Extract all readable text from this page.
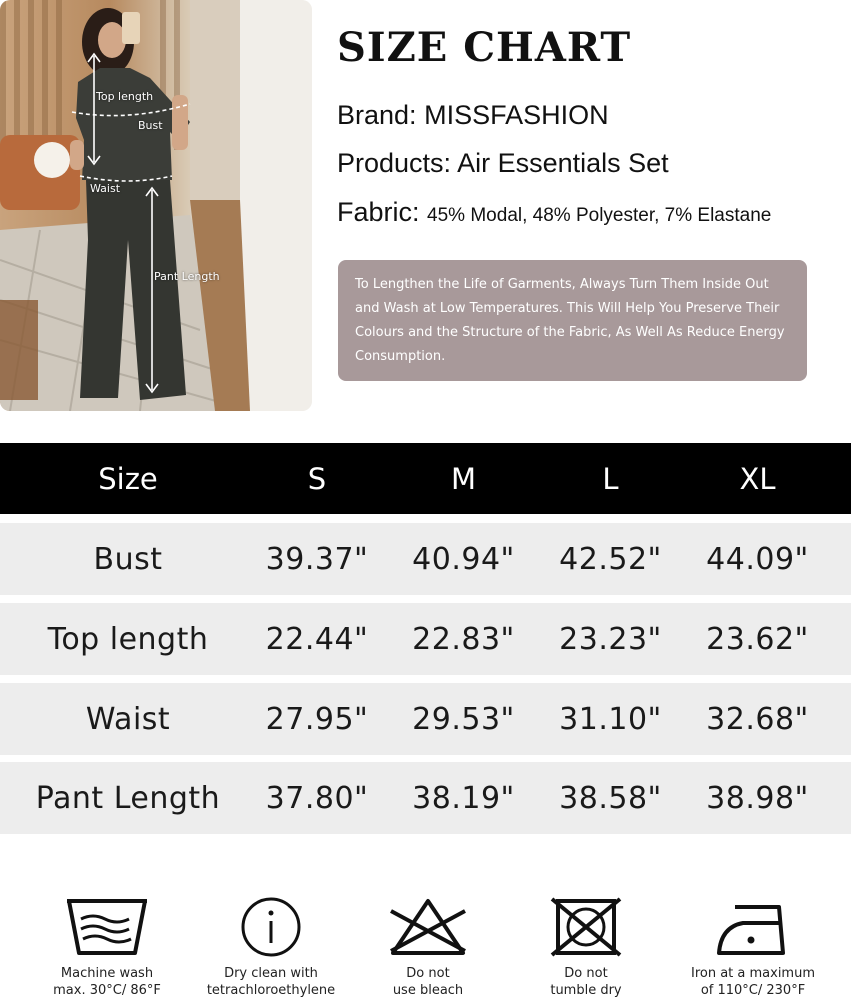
Top length
Bust
Waist
Pant Length
SIZE CHART
Brand: MISSFASHION
Products: Air Essentials Set
Fabric: 45% Modal, 48% Polyester, 7% Elastane
To Lengthen the Life of Garments, Always Turn Them Inside Out and Wash at Low Temperatures. This Will Help You Preserve Their Colours and the Structure of the Fabric, As Well As Reduce Energy Consumption.
Size	S	M	L	XL
Bust	39.37"	40.94"	42.52"	44.09"
Top length	22.44"	22.83"	23.23"	23.62"
Waist	27.95"	29.53"	31.10"	32.68"
Pant Length	37.80"	38.19"	38.58"	38.98"
Machine wash
max. 30°C/ 86°F
Dry clean with
tetrachloroethylene
Do not
use bleach
Do not
tumble dry
Iron at a maximum
of 110°C/ 230°F
